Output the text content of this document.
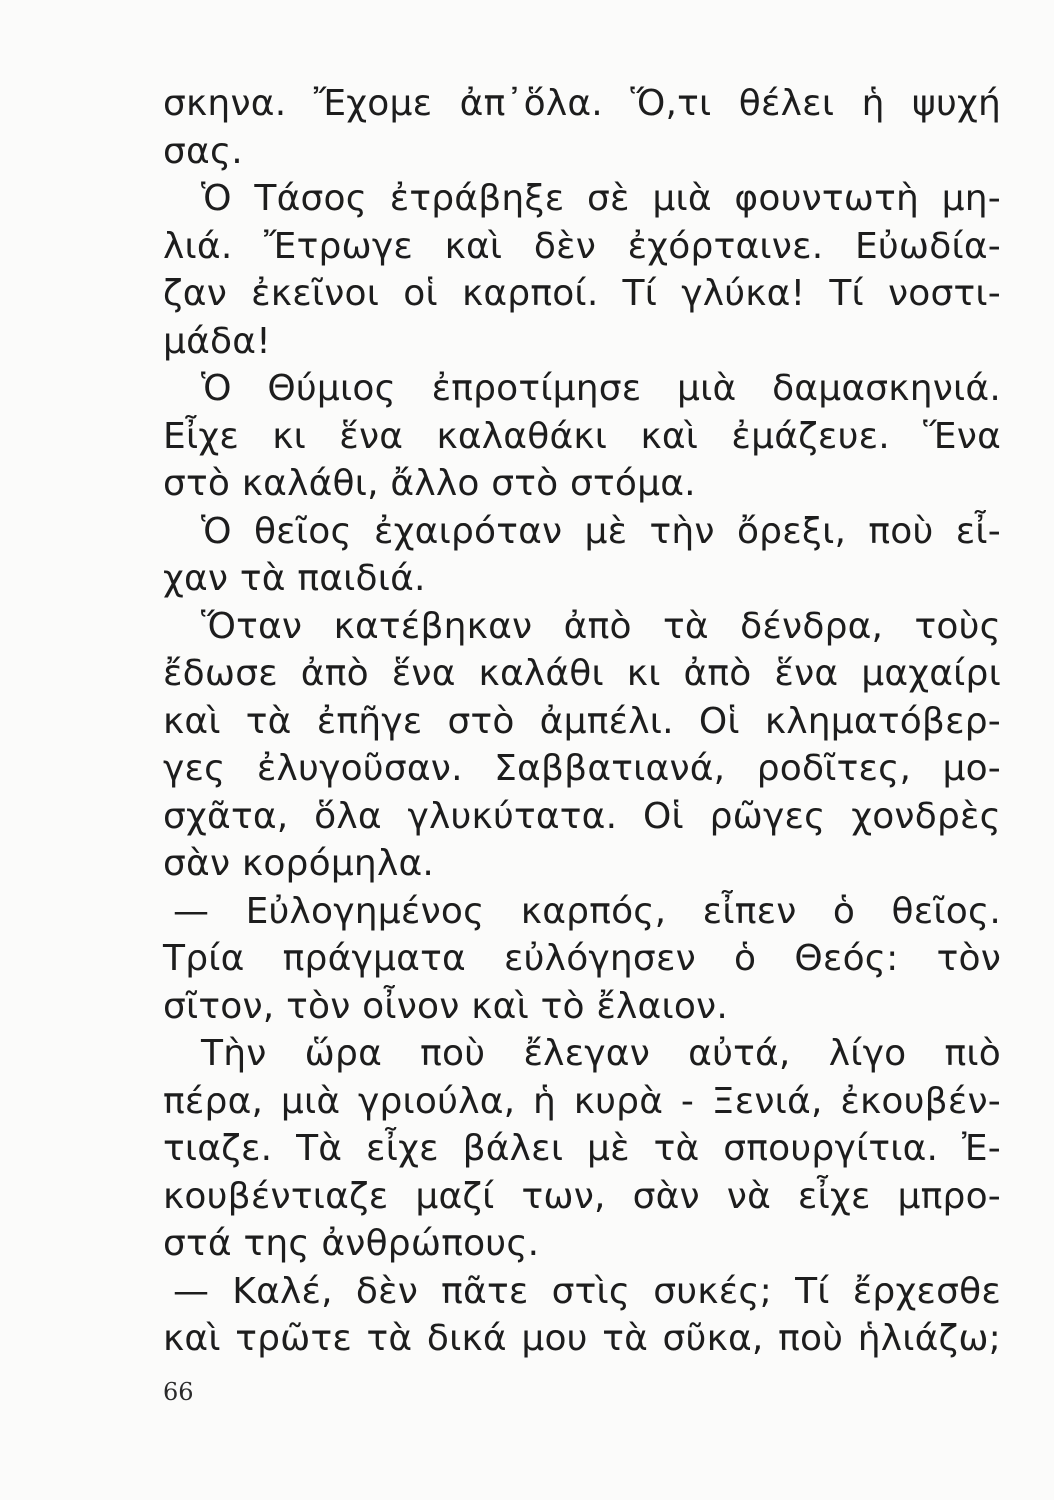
σκηνα. Ἔχομε ἀπ᾽ὅλα. Ὅ,τι θέλει ἡ ψυχή
σας.
Ὁ Τάσος ἐτράβηξε σὲ μιὰ φουντωτὴ μη-
λιά. Ἔτρωγε καὶ δὲν ἐχόρταινε. Εὐωδία-
ζαν ἐκεῖνοι οἱ καρποί. Τί γλύκα! Τί νοστι-
μάδα!
Ὁ Θύμιος ἐπροτίμησε μιὰ δαμασκηνιά.
Εἶχε κι ἕνα καλαθάκι καὶ ἐμάζευε. Ἕνα
στὸ καλάθι, ἄλλο στὸ στόμα.
Ὁ θεῖος ἐχαιρόταν μὲ τὴν ὄρεξι, ποὺ εἶ-
χαν τὰ παιδιά.
Ὅταν κατέβηκαν ἀπὸ τὰ δένδρα, τοὺς
ἔδωσε ἀπὸ ἕνα καλάθι κι ἀπὸ ἕνα μαχαίρι
καὶ τὰ ἐπῆγε στὸ ἀμπέλι. Οἱ κληματόβερ-
γες ἐλυγοῦσαν. Σαββατιανά, ροδῖτες, μο-
σχᾶτα, ὅλα γλυκύτατα. Οἱ ρῶγες χονδρὲς
σὰν κορόμηλα.
— Εὐλογημένος καρπός, εἶπεν ὁ θεῖος.
Τρία πράγματα εὐλόγησεν ὁ Θεός: τὸν
σῖτον, τὸν οἶνον καὶ τὸ ἔλαιον.
Τὴν ὥρα ποὺ ἔλεγαν αὐτά, λίγο πιὸ
πέρα, μιὰ γριούλα, ἡ κυρὰ - Ξενιά, ἐκουβέν-
τιαζε. Τὰ εἶχε βάλει μὲ τὰ σπουργίτια. Ἐ-
κουβέντιαζε μαζί των, σὰν νὰ εἶχε μπρο-
στά της ἀνθρώπους.
— Καλέ, δὲν πᾶτε στὶς συκές; Τί ἔρχεσθε
καὶ τρῶτε τὰ δικά μου τὰ σῦκα, ποὺ ἡλιάζω;
66
